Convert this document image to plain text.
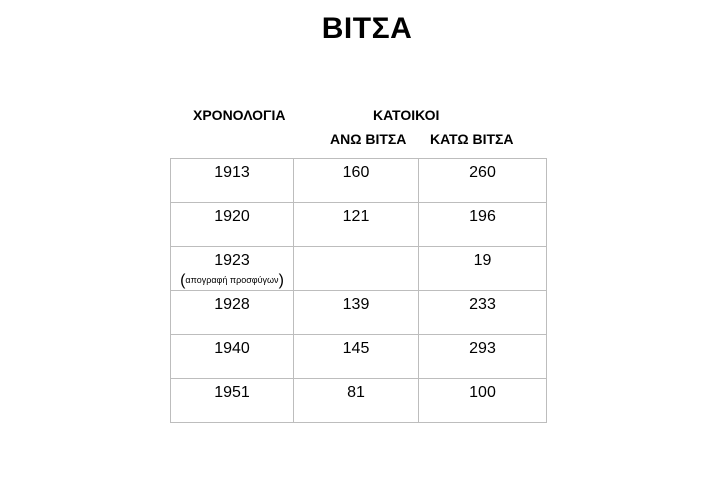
ΒΙΤΣΑ
ΧΡΟΝΟΛΟΓΙΑ	ΚΑΤΟΙΚΟΙ
ΑΝΩ ΒΙΤΣΑ ΚΑΤΩ ΒΙΤΣΑ
1913	160	260

1920	121	196

1923
(απογραφή προσφύγων)		19

1928	139	233

1940	145	293

1951	81	100
